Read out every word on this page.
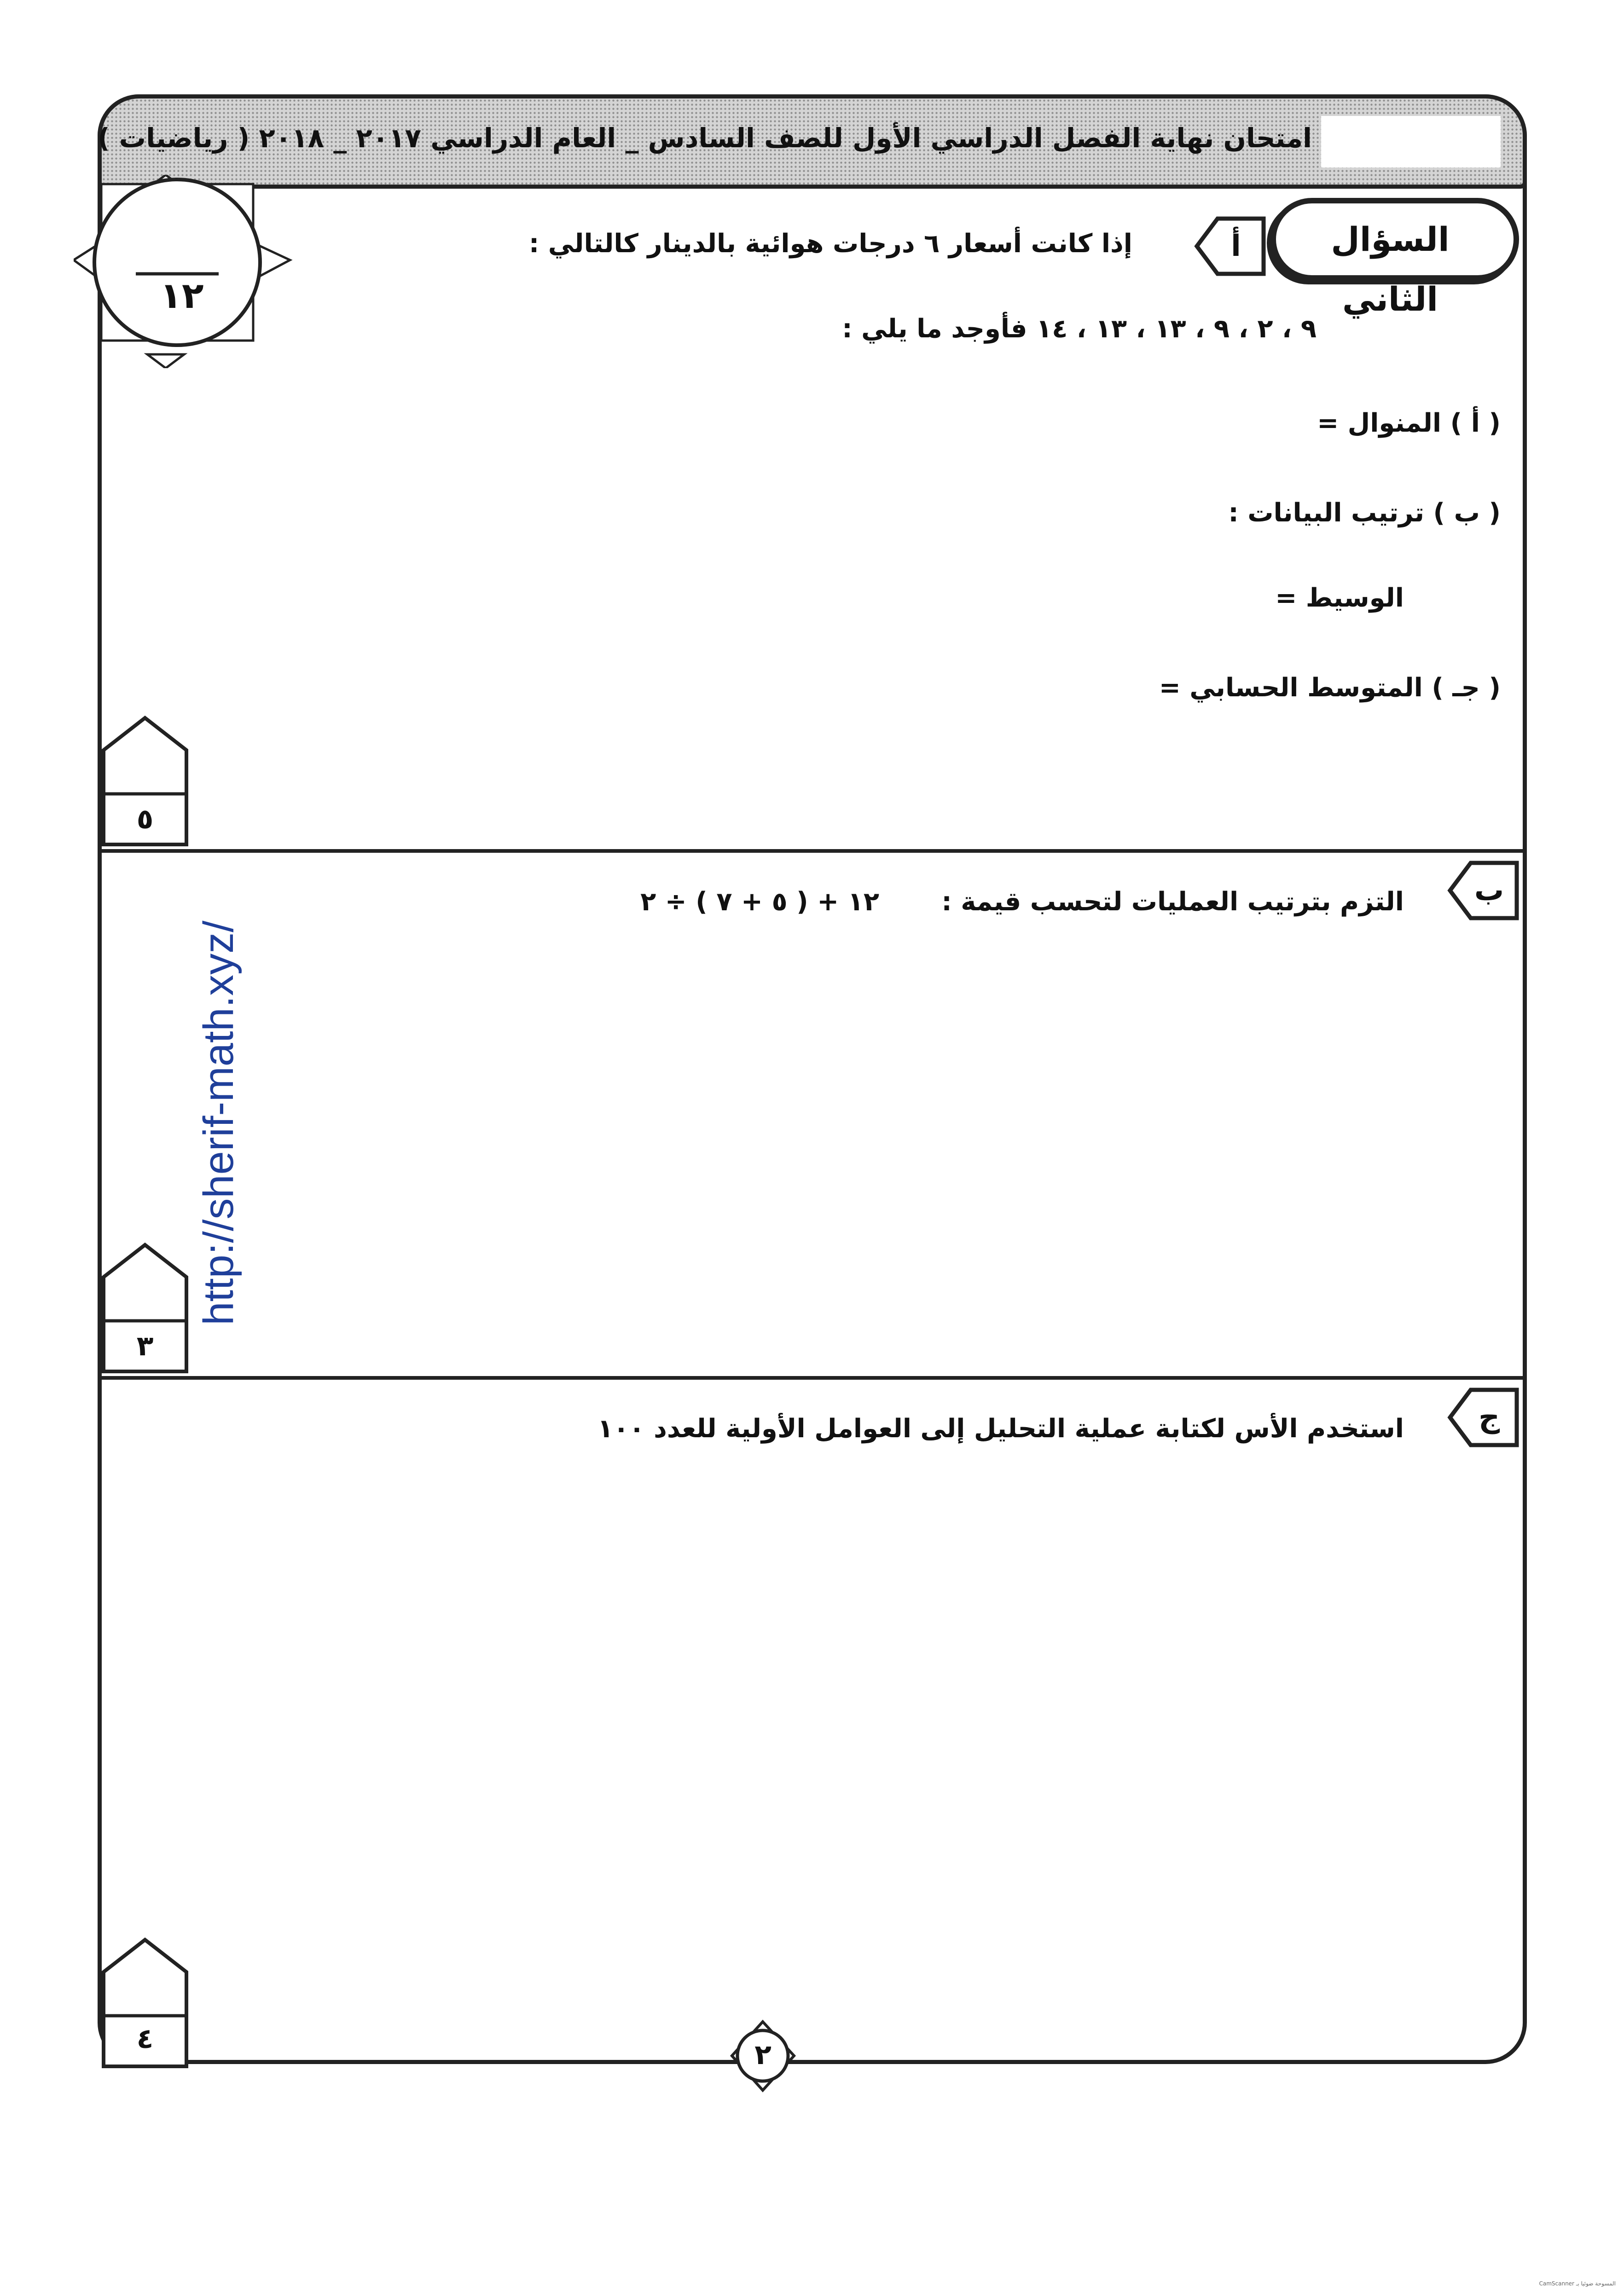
امتحان نهاية الفصل الدراسي الأول للصف السادس _ العام الدراسي ٢٠١٧ _ ٢٠١٨ ( رياضيات )
١٢
السؤال الثاني
أ
إذا كانت أسعار ٦ درجات هوائية بالدينار كالتالي :
٩ ، ٢ ، ٩ ، ١٣ ، ١٣ ، ١٤ فأوجد ما يلي :
( أ ) المنوال =
( ب ) ترتيب البيانات :
الوسيط =
( جـ ) المتوسط الحسابي =
٥
ب
التزم بترتيب العمليات لتحسب قيمة :
١٢ + ( ٥ + ٧ ) ÷ ٢
٣
ج
استخدم الأس لكتابة عملية التحليل إلى العوامل الأولية للعدد ١٠٠
٤	٢
http://sherif-math.xyz/
CamScanner المسوحة ضوئيا بـ
